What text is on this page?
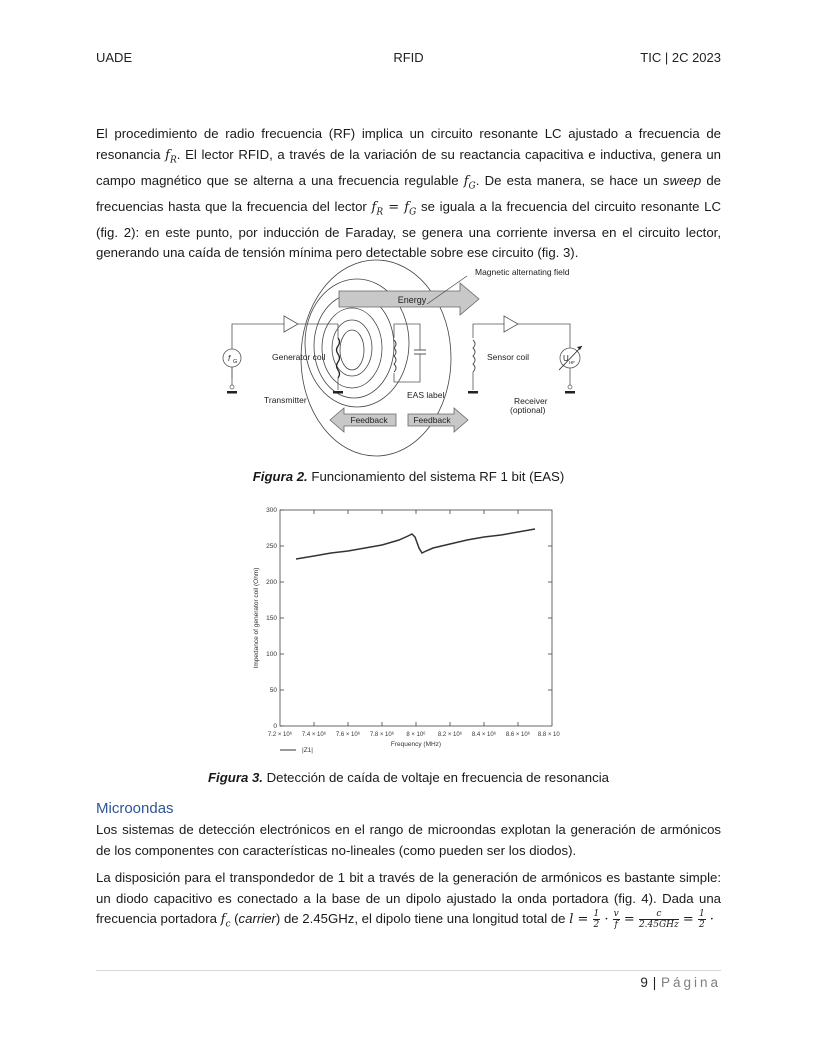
UADE	RFID	TIC | 2C 2023
El procedimiento de radio frecuencia (RF) implica un circuito resonante LC ajustado a frecuencia de resonancia $f_R$. El lector RFID, a través de la variación de su reactancia capacitiva e inductiva, genera un campo magnético que se alterna a una frecuencia regulable $f_G$. De esta manera, se hace un sweep de frecuencias hasta que la frecuencia del lector $f_R = f_G$ se iguala a la frecuencia del circuito resonante LC (fig. 2): en este punto, por inducción de Faraday, se genera una corriente inversa en el circuito lector, generando una caída de tensión mínima pero detectable sobre ese circuito (fig. 3).
Energy
Magnetic alternating field
f G	Generator coil
Transmitter	EAS label
Sensor coil	U HF
Receiver
(optional)
Feedback	Feedback
Figura 2. Funcionamiento del sistema RF 1 bit (EAS)
0
50
100
150
200
250
300
7.2 × 10⁶ 7.4 × 10⁶ 7.6 × 10⁶ 7.8 × 10⁶ 8 × 10⁶ 8.2 × 10⁶ 8.4 × 10⁶ 8.6 × 10⁶ 8.8 × 10⁶
Frequency (MHz)
Impedance of generator coil (Ohm)
|Z1|
Figura 3. Detección de caída de voltaje en frecuencia de resonancia
Microondas
Los sistemas de detección electrónicos en el rango de microondas explotan la generación de armónicos de los componentes con características no-lineales (como pueden ser los diodos).
La disposición para el transpondedor de 1 bit a través de la generación de armónicos es bastante simple: un diodo capacitivo es conectado a la base de un dipolo ajustado la onda portadora (fig. 4). Dada una frecuencia portadora $f_c$ (carrier) de 2.45GHz, el dipolo tiene una longitud total de $l = \frac{1}{2} \cdot \frac{v}{f} = \frac{c}{\text{2.45GHz}} = \frac{1}{2}$ ·
9 | Página
